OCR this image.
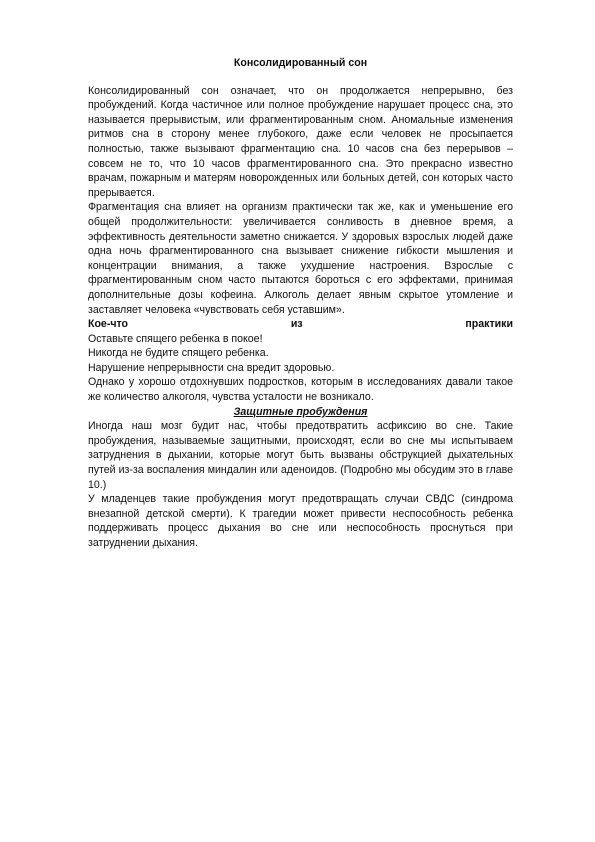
Консолидированный сон

Консолидированный сон означает, что он продолжается непрерывно, без пробуждений. Когда частичное или полное пробуждение нарушает процесс сна, это называется прерывистым, или фрагментированным сном. Аномальные изменения ритмов сна в сторону менее глубокого, даже если человек не просыпается полностью, также вызывают фрагментацию сна. 10 часов сна без перерывов – совсем не то, что 10 часов фрагментированного сна. Это прекрасно известно врачам, пожарным и матерям новорожденных или больных детей, сон которых часто прерывается.

Фрагментация сна влияет на организм практически так же, как и уменьшение его общей продолжительности: увеличивается сонливость в дневное время, а эффективность деятельности заметно снижается. У здоровых взрослых людей даже одна ночь фрагментированного сна вызывает снижение гибкости мышления и концентрации внимания, а также ухудшение настроения. Взрослые с фрагментированным сном часто пытаются бороться с его эффектами, принимая дополнительные дозы кофеина. Алкоголь делает явным скрытое утомление и заставляет человека «чувствовать себя уставшим».

Кое-что	из	практики

Оставьте спящего ребенка в покое!

Никогда не будите спящего ребенка.

Нарушение непрерывности сна вредит здоровью.

Однако у хорошо отдохнувших подростков, которым в исследованиях давали такое же количество алкоголя, чувства усталости не возникало.

Защитные пробуждения

Иногда наш мозг будит нас, чтобы предотвратить асфиксию во сне. Такие пробуждения, называемые защитными, происходят, если во сне мы испытываем затруднения в дыхании, которые могут быть вызваны обструкцией дыхательных путей из-за воспаления миндалин или аденоидов. (Подробно мы обсудим это в главе 10.)

У младенцев такие пробуждения могут предотвращать случаи СВДС (синдрома внезапной детской смерти). К трагедии может привести неспособность ребенка поддерживать процесс дыхания во сне или неспособность проснуться при затруднении дыхания.
